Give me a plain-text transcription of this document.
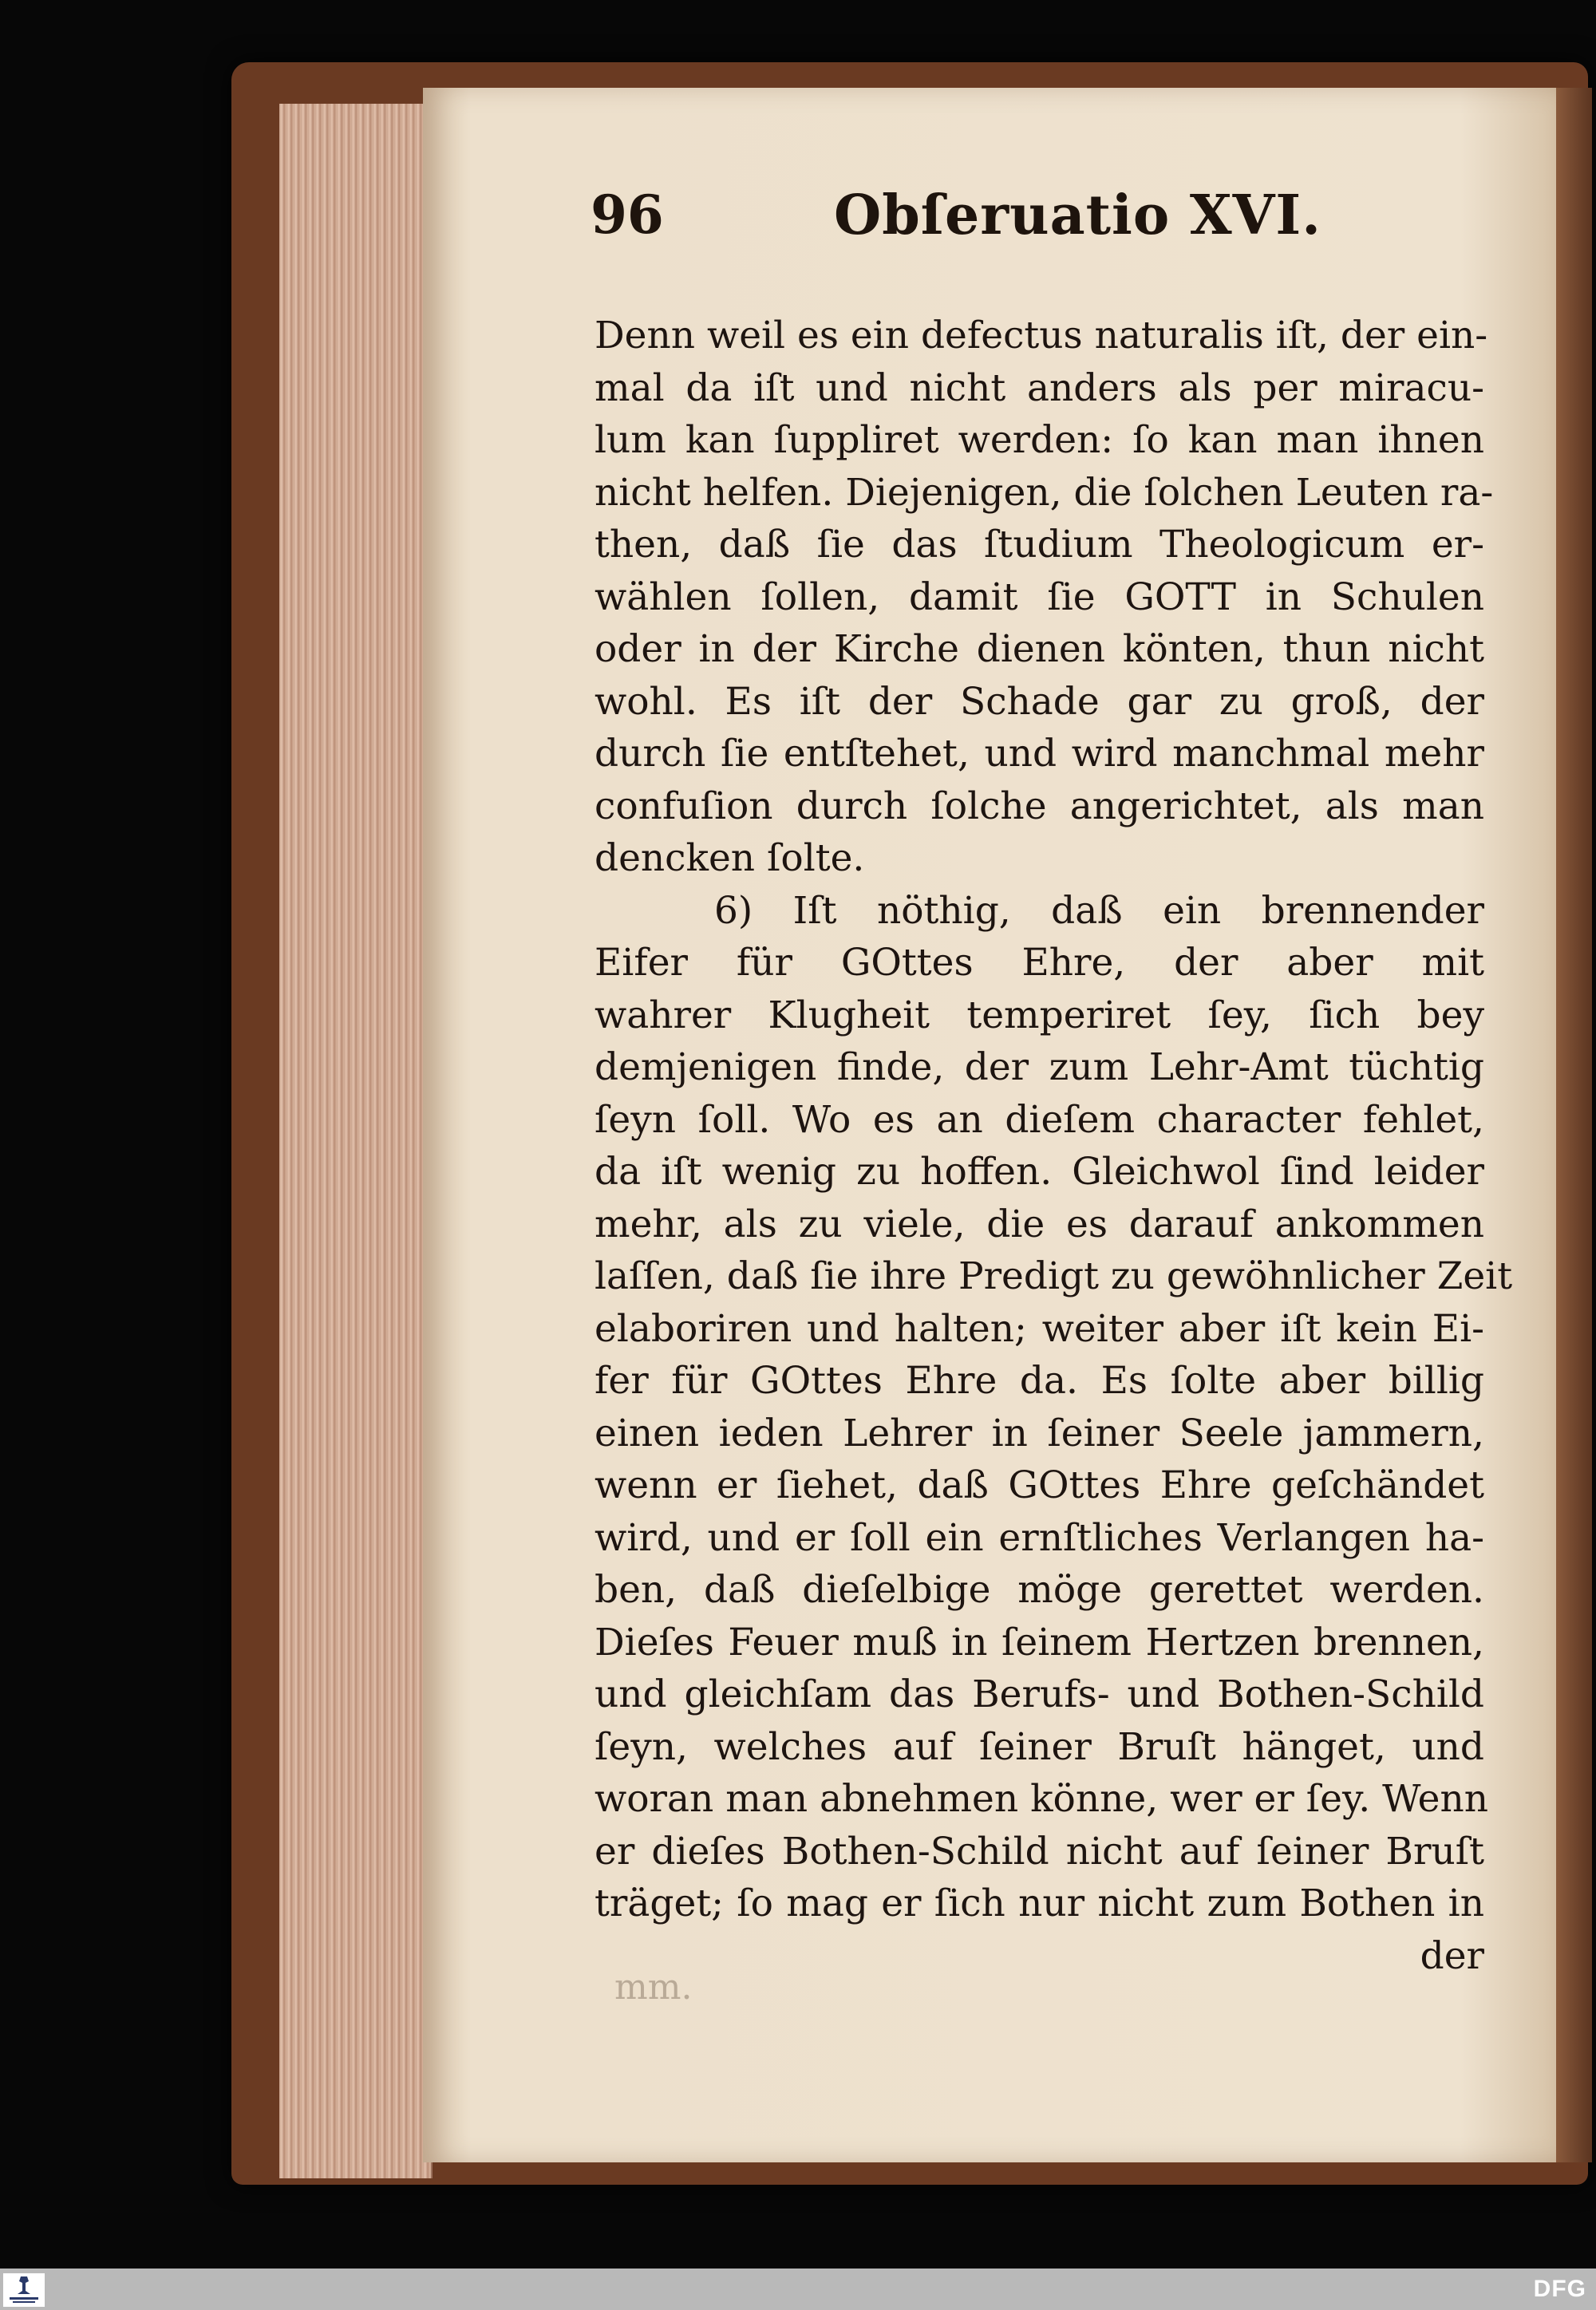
96	Obſeruatio XVI.
Denn weil es ein defectus naturalis iſt, der ein-
mal da iſt und nicht anders als per miracu-
lum kan ſuppliret werden: ſo kan man ihnen
nicht helfen. Diejenigen, die ſolchen Leuten ra-
then, daß ſie das ſtudium Theologicum er-
wählen ſollen, damit ſie GOTT in Schulen
oder in der Kirche dienen könten, thun nicht
wohl. Es iſt der Schade gar zu groß, der
durch ſie entſtehet, und wird manchmal mehr
confuſion durch ſolche angerichtet, als man
dencken ſolte.
6) Iſt nöthig, daß ein brennender
Eifer für GOttes Ehre, der aber mit
wahrer Klugheit temperiret ſey, ſich bey
demjenigen finde, der zum Lehr-Amt tüchtig
ſeyn ſoll. Wo es an dieſem character fehlet,
da iſt wenig zu hoffen. Gleichwol ſind leider
mehr, als zu viele, die es darauf ankommen
laſſen, daß ſie ihre Predigt zu gewöhnlicher Zeit
elaboriren und halten; weiter aber iſt kein Ei-
fer für GOttes Ehre da. Es ſolte aber billig
einen ieden Lehrer in ſeiner Seele jammern,
wenn er ſiehet, daß GOttes Ehre geſchändet
wird, und er ſoll ein ernſtliches Verlangen ha-
ben, daß dieſelbige möge gerettet werden.
Dieſes Feuer muß in ſeinem Hertzen brennen,
und gleichſam das Berufs- und Bothen-Schild
ſeyn, welches auf ſeiner Bruſt hänget, und
woran man abnehmen könne, wer er ſey. Wenn
er dieſes Bothen-Schild nicht auf ſeiner Bruſt
träget; ſo mag er ſich nur nicht zum Bothen in
der
mm.
DFG
